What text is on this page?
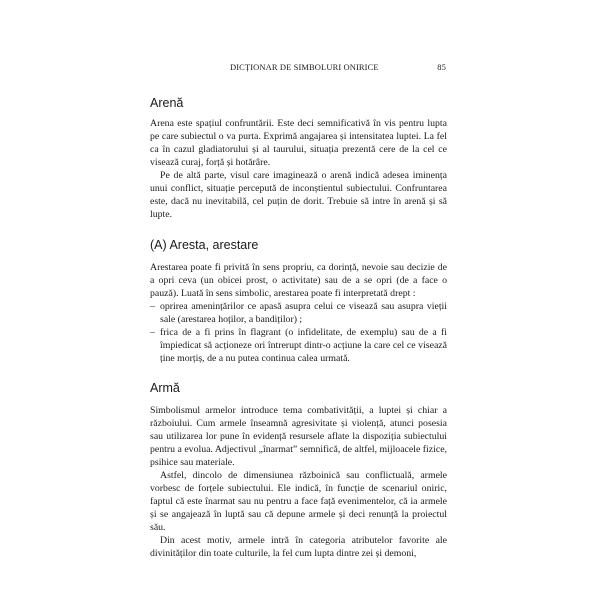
DICȚIONAR DE SIMBOLURI ONIRICE	85
Arenă

Arena este spațiul confruntării. Este deci semnificativă în vis pentru lupta pe care subiectul o va purta. Exprimă angajarea și intensitatea luptei. La fel ca în cazul gladiatorului și al taurului, situația prezentă cere de la cel ce visează curaj, forță și hotărâre.

Pe de altă parte, visul care imaginează o arenă indică adesea iminența unui conflict, situație percepută de inconștientul subiectului. Confruntarea este, dacă nu inevitabilă, cel puțin de dorit. Trebuie să intre în arenă și să lupte.

(A) Aresta, arestare

Arestarea poate fi privită în sens propriu, ca dorință, nevoie sau decizie de a opri ceva (un obicei prost, o activitate) sau de a se opri (de a face o pauză). Luată în sens simbolic, arestarea poate fi interpretată drept :

– oprirea amenințărilor ce apasă asupra celui ce visează sau asupra vieții sale (arestarea hoților, a bandiților) ;
– frica de a fi prins în flagrant (o infidelitate, de exemplu) sau de a fi împiedicat să acționeze ori întrerupt dintr-o acțiune la care cel ce visează ține morțiș, de a nu putea continua calea urmată.
Armă

Simbolismul armelor introduce tema combativității, a luptei și chiar a războiului. Cum armele înseamnă agresivitate și violență, atunci posesia sau utilizarea lor pune în evidență resursele aflate la dispoziția subiectului pentru a evolua. Adjectivul „înarmat” semnifică, de altfel, mijloacele fizice, psihice sau materiale.

Astfel, dincolo de dimensiunea războinică sau conflictuală, armele vorbesc de forțele subiectului. Ele indică, în funcție de scenariul oniric, faptul că este înarmat sau nu pentru a face față evenimentelor, că ia armele și se angajează în luptă sau că depune armele și deci renunță la proiectul său.

Din acest motiv, armele intră în categoria atributelor favorite ale divinităților din toate culturile, la fel cum lupta dintre zei și demoni,
